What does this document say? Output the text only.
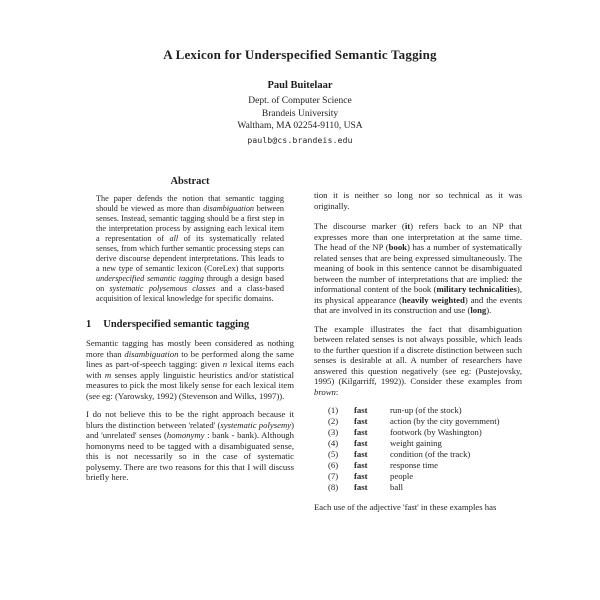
A Lexicon for Underspecified Semantic Tagging
Paul Buitelaar
Dept. of Computer Science
Brandeis University
Waltham, MA 02254-9110, USA
paulb@cs.brandeis.edu
Abstract

The paper defends the notion that semantic tagging should be viewed as more than disambiguation between senses. Instead, semantic tagging should be a first step in the interpretation process by assigning each lexical item a representation of all of its systematically related senses, from which further semantic processing steps can derive discourse dependent interpretations. This leads to a new type of semantic lexicon (CoreLex) that supports underspecified semantic tagging through a design based on systematic polysemous classes and a class-based acquisition of lexical knowledge for specific domains.

1 Underspecified semantic tagging

Semantic tagging has mostly been considered as nothing more than disambiguation to be performed along the same lines as part-of-speech tagging: given n lexical items each with m senses apply linguistic heuristics and/or statistical measures to pick the most likely sense for each lexical item (see eg: (Yarowsky, 1992) (Stevenson and Wilks, 1997)).

I do not believe this to be the right approach because it blurs the distinction between 'related' (systematic polysemy) and 'unrelated' senses (homonymy : bank - bank). Although homonyms need to be tagged with a disambiguated sense, this is not necessarily so in the case of systematic polysemy. There are two reasons for this that I will discuss briefly here.

tion it is neither so long nor so technical as it was originally.

The discourse marker (it) refers back to an NP that expresses more than one interpretation at the same time. The head of the NP (book) has a number of systematically related senses that are being expressed simultaneously. The meaning of book in this sentence cannot be disambiguated between the number of interpretations that are implied: the informational content of the book (military technicalities), its physical appearance (heavily weighted) and the events that are involved in its construction and use (long).

The example illustrates the fact that disambiguation between related senses is not always possible, which leads to the further question if a discrete distinction between such senses is desirable at all. A number of researchers have answered this question negatively (see eg: (Pustejovsky, 1995) (Kilgarriff, 1992)). Consider these examples from brown:

(1)	fast	run-up (of the stock)
(2)	fast	action (by the city government)
(3)	fast	footwork (by Washington)
(4)	fast	weight gaining
(5)	fast	condition (of the track)
(6)	fast	response time
(7)	fast	people
(8)	fast	ball

Each use of the adjective 'fast' in these examples has
